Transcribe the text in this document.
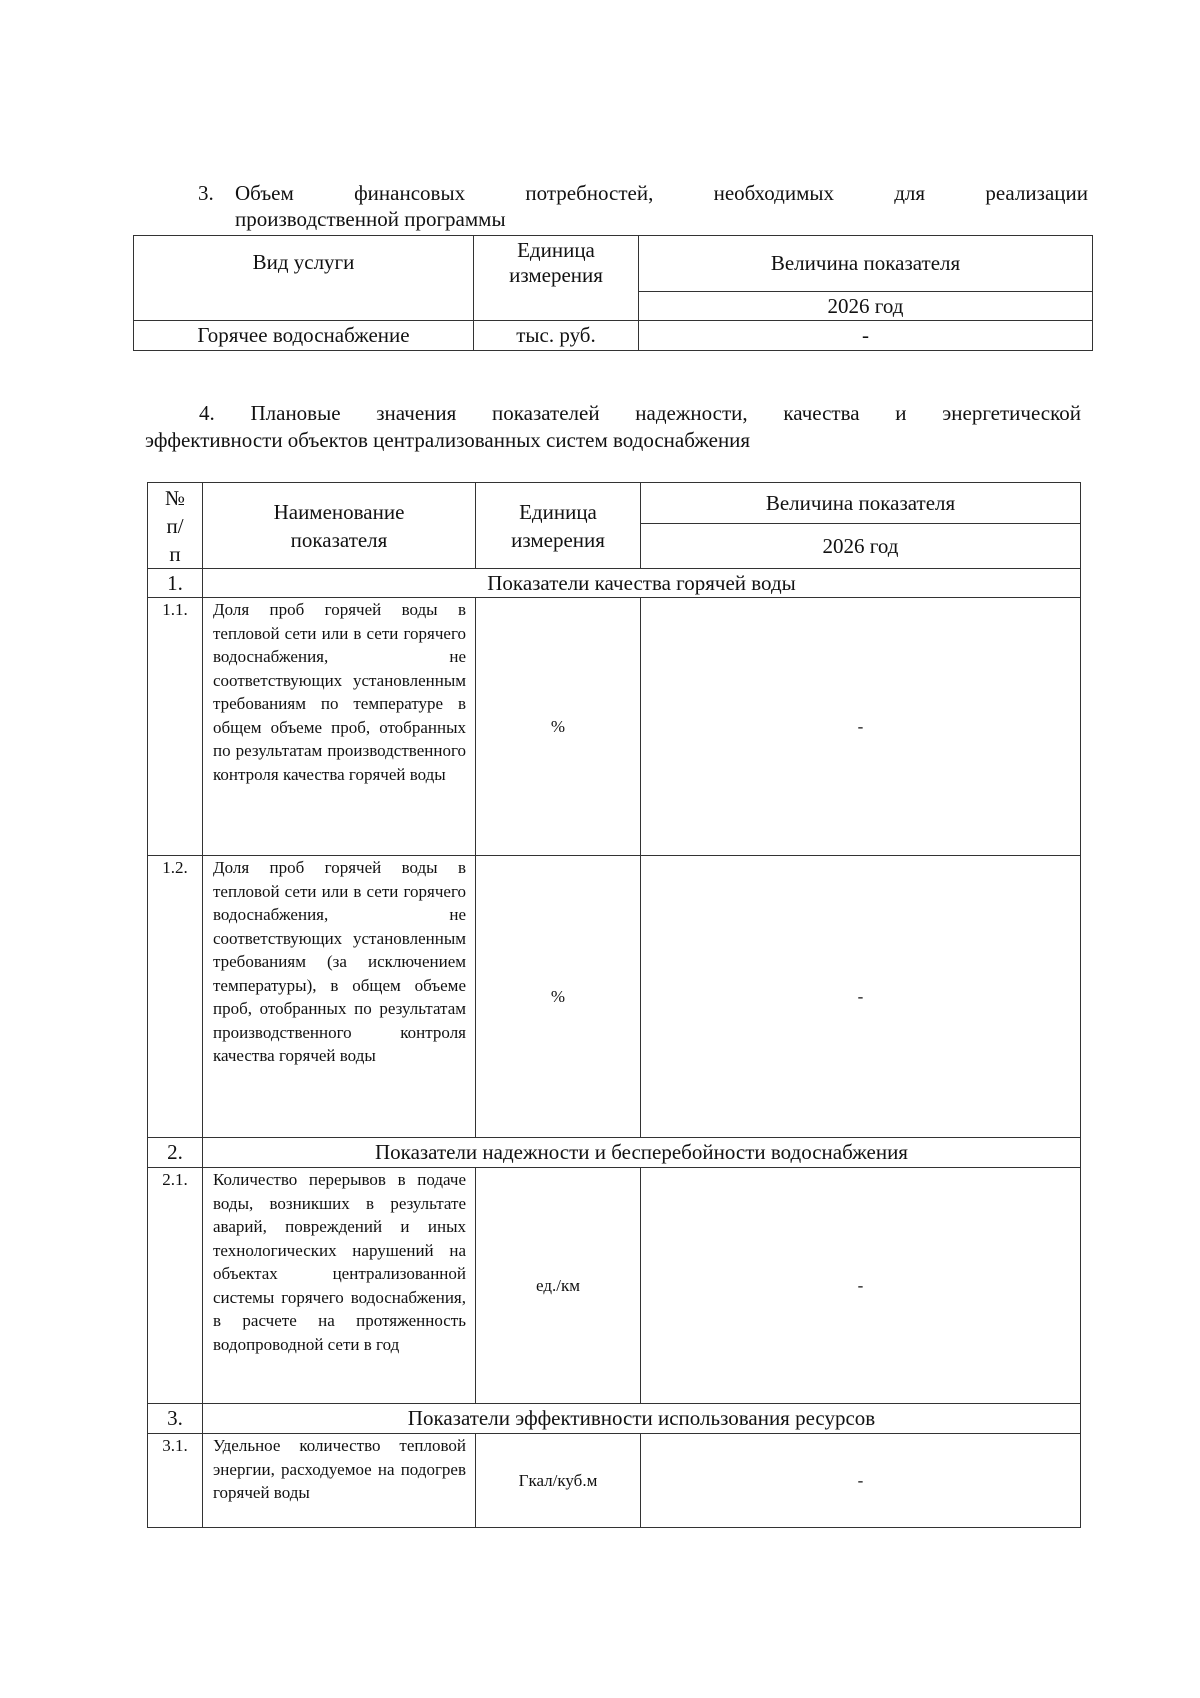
3. Объем финансовых потребностей, необходимых для реализации
производственной программы
Вид услуги	Единица измерения	Величина показателя
		2026 год
Горячее водоснабжение	тыс. руб.	-
4. Плановые значения показателей надежности, качества и энергетической
эффективности объектов централизованных систем водоснабжения
№ п/п	Наименование показателя	Единица измерения	Величина показателя
			2026 год
1.	Показатели качества горячей воды		
1.1.	Доля проб горячей воды в тепловой сети или в сети горячего водоснабжения, не соответствующих установленным требованиям по температуре в общем объеме проб, отобранных по результатам производственного контроля качества горячей воды	%	-
1.2.	Доля проб горячей воды в тепловой сети или в сети горячего водоснабжения, не соответствующих установленным требованиям (за исключением температуры), в общем объеме проб, отобранных по результатам производственного контроля качества горячей воды	%	-
2.	Показатели надежности и бесперебойности водоснабжения		
2.1.	Количество перерывов в подаче воды, возникших в результате аварий, повреждений и иных технологических нарушений на объектах централизованной системы горячего водоснабжения, в расчете на протяженность водопроводной сети в год	ед./км	-
3.	Показатели эффективности использования ресурсов		
3.1.	Удельное количество тепловой энергии, расходуемое на подогрев горячей воды	Гкал/куб.м	-
